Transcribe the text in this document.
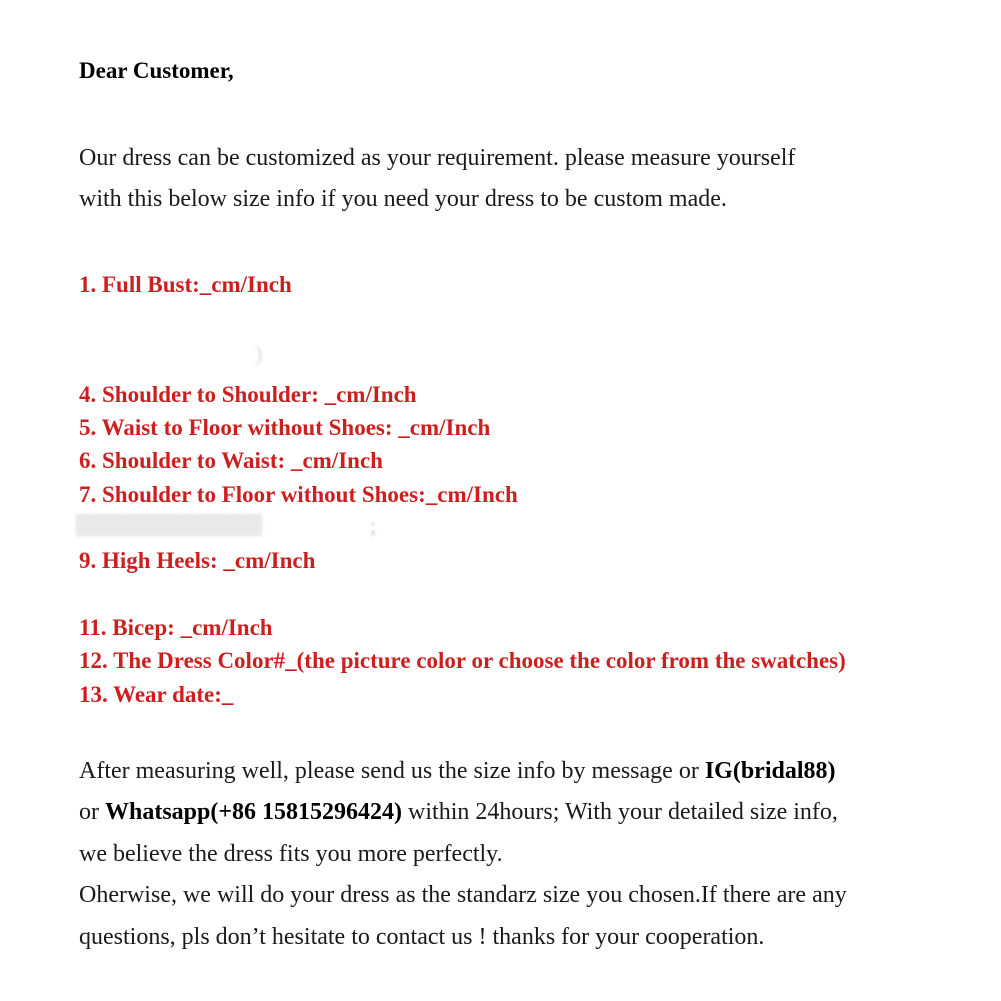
Dear Customer,
Our dress can be customized as your requirement. please measure yourself
with this below size info if you need your dress to be custom made.
1. Full Bust:_cm/Inch
)
4. Shoulder to Shoulder: _cm/Inch
5. Waist to Floor without Shoes: _cm/Inch
6. Shoulder to Waist: _cm/Inch
7. Shoulder to Floor without Shoes:_cm/Inch
▇▇▇▇▇▇▇▇▇▇▇	;
9. High Heels: _cm/Inch
11. Bicep: _cm/Inch
12. The Dress Color#_(the picture color or choose the color from the swatches)
13. Wear date:_
After measuring well, please send us the size info by message or IG(bridal88)
or Whatsapp(+86 15815296424) within 24hours; With your detailed size info,
we believe the dress fits you more perfectly.
Oherwise, we will do your dress as the standarz size you chosen.If there are any
questions, pls don’t hesitate to contact us ! thanks for your cooperation.
